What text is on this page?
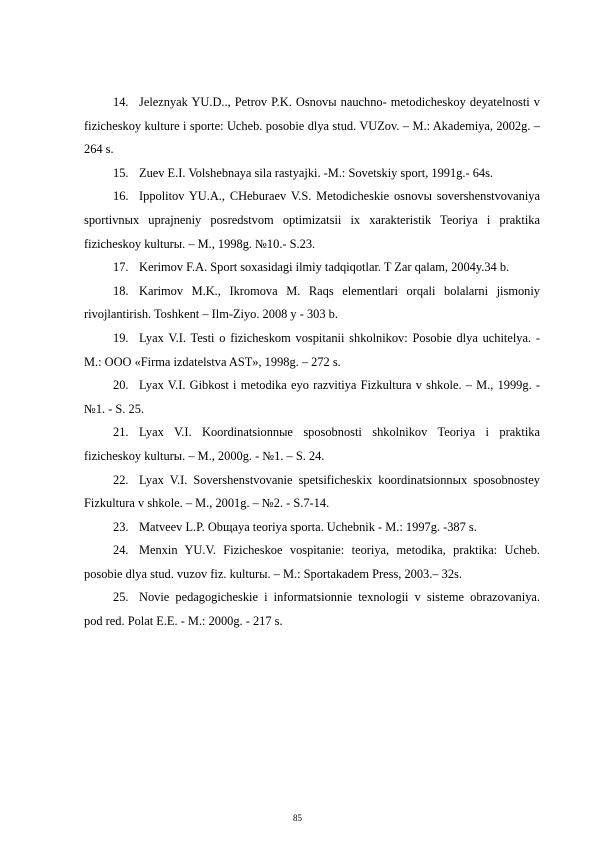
14. Jeleznyak YU.D.., Petrov P.K. Osnovы nauchno- metodicheskoy deyatelnosti v fizicheskoy kulture i sporte: Ucheb. posobie dlya stud. VUZov. – M.: Akademiya, 2002g. – 264 s.
15. Zuev E.I. Volshebnaya sila rastyajki. -M.: Sovetskiy sport, 1991g.- 64s.
16. Ippolitov YU.A., CHeburaev V.S. Metodicheskie osnovы sovershenstvovaniya sportivnыx uprajneniy posredstvom optimizatsii ix xarakteristik Teoriya i praktika fizicheskoy kulturы. – M., 1998g. №10.- S.23.
17. Kerimov F.A. Sport soxasidagi ilmiy tadqiqotlar. T Zar qalam, 2004y.34 b.
18. Karimov M.K., Ikromova M. Raqs elementlari orqali bolalarni jismoniy rivojlantirish. Toshkent – Ilm-Ziyo. 2008 y - 303 b.
19. Lyax V.I. Testi o fizicheskom vospitanii shkolnikov: Posobie dlya uchitelya. - M.: OOO «Firma izdatelstva AST», 1998g. – 272 s.
20. Lyax V.I. Gibkost i metodika eyo razvitiya Fizkultura v shkole. – M., 1999g. - №1. - S. 25.
21. Lyax V.I. Koordinatsionnыe sposobnosti shkolnikov Teoriya i praktika fizicheskoy kulturы. – M., 2000g. - №1. – S. 24.
22. Lyax V.I. Sovershenstvovanie spetsificheskix koordinatsionnыx sposobnostey Fizkultura v shkole. – M., 2001g. – №2. - S.7-14.
23. Matveev L.P. Obщaya teoriya sporta. Uchebnik - M.: 1997g. -387 s.
24. Menxin YU.V. Fizicheskoe vospitanie: teoriya, metodika, praktika: Ucheb. posobie dlya stud. vuzov fiz. kulturы. – M.: Sportakadem Press, 2003.– 32s.
25. Novie pedagogicheskie i informatsionnie texnologii v sisteme obrazovaniya. pod red. Polat E.E. - M.: 2000g. - 217 s.
85
